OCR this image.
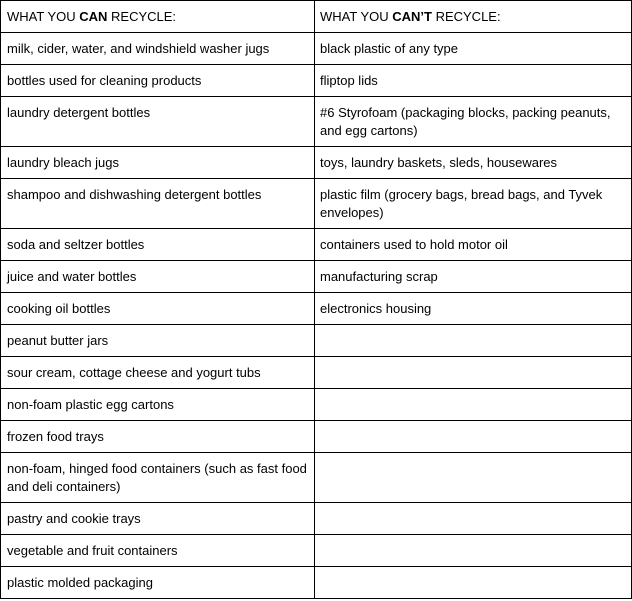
WHAT YOU CAN RECYCLE:	WHAT YOU CAN’T RECYCLE:
milk, cider, water, and windshield washer jugs	black plastic of any type
bottles used for cleaning products	fliptop lids
laundry detergent bottles	#6 Styrofoam (packaging blocks, packing peanuts, and egg cartons)
laundry bleach jugs	toys, laundry baskets, sleds, housewares
shampoo and dishwashing detergent bottles	plastic film (grocery bags, bread bags, and Tyvek envelopes)
soda and seltzer bottles	containers used to hold motor oil
juice and water bottles	manufacturing scrap
cooking oil bottles	electronics housing
peanut butter jars	
sour cream, cottage cheese and yogurt tubs	
non-foam plastic egg cartons	
frozen food trays	
non-foam, hinged food containers (such as fast food and deli containers)	
pastry and cookie trays	
vegetable and fruit containers	
plastic molded packaging	
